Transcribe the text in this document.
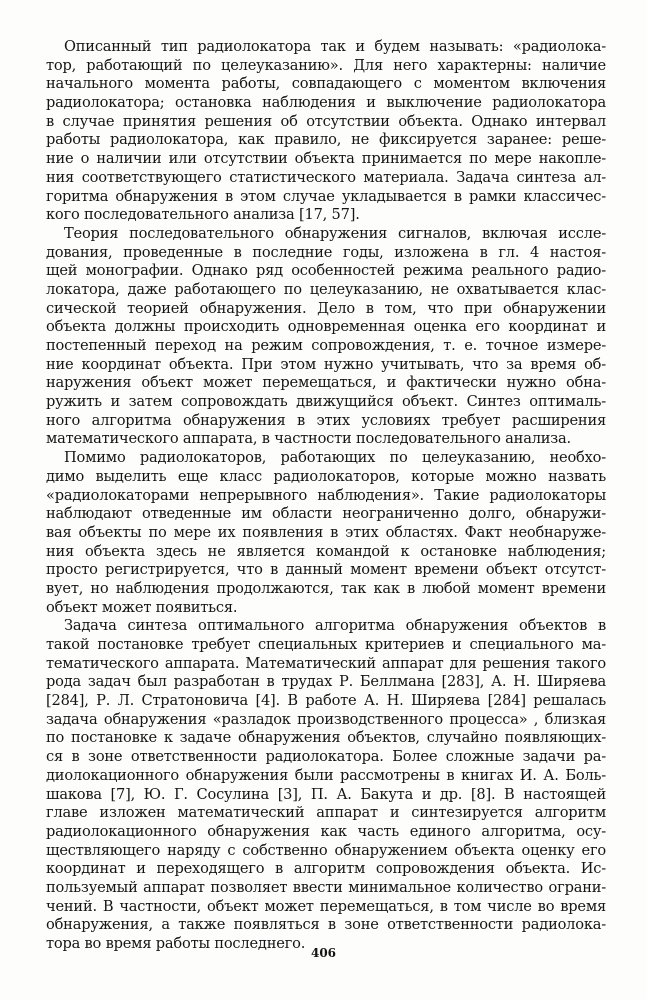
Описанный тип радиолокатора так и будем называть: «радиолока-
тор, работающий по целеуказанию». Для него характерны: наличие
начального момента работы, совпадающего с моментом включения
радиолокатора; остановка наблюдения и выключение радиолокатора
в случае принятия решения об отсутствии объекта. Однако интервал
работы радиолокатора, как правило, не фиксируется заранее: реше-
ние о наличии или отсутствии объекта принимается по мере накопле-
ния соответствующего статистического материала. Задача синтеза ал-
горитма обнаружения в этом случае укладывается в рамки классичес-
кого последовательного анализа [17, 57].
Теория последовательного обнаружения сигналов, включая иссле-
дования, проведенные в последние годы, изложена в гл. 4 настоя-
щей монографии. Однако ряд особенностей режима реального радио-
локатора, даже работающего по целеуказанию, не охватывается клас-
сической теорией обнаружения. Дело в том, что при обнаружении
объекта должны происходить одновременная оценка его координат и
постепенный переход на режим сопровождения, т. е. точное измере-
ние координат объекта. При этом нужно учитывать, что за время об-
наружения объект может перемещаться, и фактически нужно обна-
ружить и затем сопровождать движущийся объект. Синтез оптималь-
ного алгоритма обнаружения в этих условиях требует расширения
математического аппарата, в частности последовательного анализа.
Помимо радиолокаторов, работающих по целеуказанию, необхо-
димо выделить еще класс радиолокаторов, которые можно назвать
«радиолокаторами непрерывного наблюдения». Такие радиолокаторы
наблюдают отведенные им области неограниченно долго, обнаружи-
вая объекты по мере их появления в этих областях. Факт необнаруже-
ния объекта здесь не является командой к остановке наблюдения;
просто регистрируется, что в данный момент времени объект отсутст-
вует, но наблюдения продолжаются, так как в любой момент времени
объект может появиться.
Задача синтеза оптимального алгоритма обнаружения объектов в
такой постановке требует специальных критериев и специального ма-
тематического аппарата. Математический аппарат для решения такого
рода задач был разработан в трудах Р. Беллмана [283], А. Н. Ширяева
[284], Р. Л. Стратоновича [4]. В работе А. Н. Ширяева [284] решалась
задача обнаружения «разладок производственного процесса» , близкая
по постановке к задаче обнаружения объектов, случайно появляющих-
ся в зоне ответственности радиолокатора. Более сложные задачи ра-
диолокационного обнаружения были рассмотрены в книгах И. А. Боль-
шакова [7], Ю. Г. Сосулина [3], П. А. Бакута и др. [8]. В настоящей
главе изложен математический аппарат и синтезируется алгоритм
радиолокационного обнаружения как часть единого алгоритма, осу-
ществляющего наряду с собственно обнаружением объекта оценку его
координат и переходящего в алгоритм сопровождения объекта. Ис-
пользуемый аппарат позволяет ввести минимальное количество ограни-
чений. В частности, объект может перемещаться, в том числе во время
обнаружения, а также появляться в зоне ответственности радиолока-
тора во время работы последнего.
406
